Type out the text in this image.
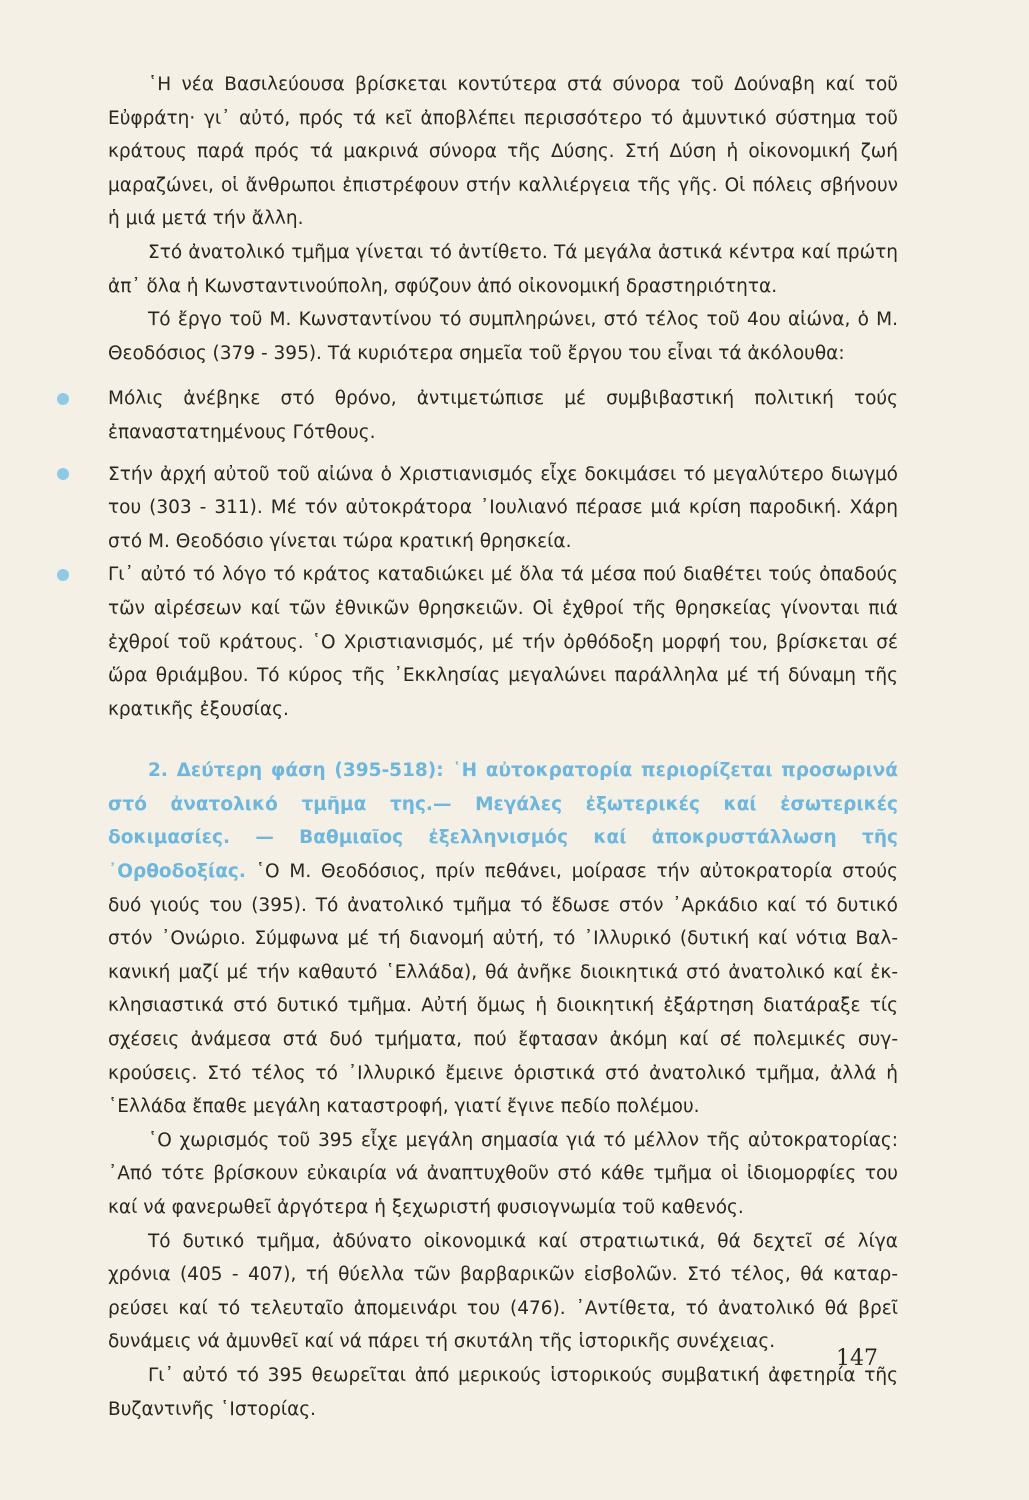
῾Η νέα Βασιλεύουσα βρίσκεται κοντύτερα στά σύνορα τοῦ Δούναβη καί τοῦ Εὐφράτη· γι᾿ αὐτό, πρός τά κεῖ ἀποβλέπει περισσότερο τό ἀμυντικό σύστημα τοῦ κράτους παρά πρός τά μακρινά σύνορα τῆς Δύσης. Στή Δύση ἡ οἰκονομική ζωή μαραζώνει, οἱ ἄνθρωποι ἐπιστρέφουν στήν καλλιέργεια τῆς γῆς. Οἱ πόλεις σβήνουν ἡ μιά μετά τήν ἄλλη.

Στό ἀνατολικό τμῆμα γίνεται τό ἀντίθετο. Τά μεγάλα ἀστικά κέντρα καί πρώτη ἀπ᾿ ὅλα ἡ Κωνσταντινούπολη, σφύζουν ἀπό οἰκονομική δραστηριότητα.

Τό ἔργο τοῦ Μ. Κωνσταντίνου τό συμπληρώνει, στό τέλος τοῦ 4ου αἰώνα, ὁ Μ. Θεοδόσιος (379 - 395). Τά κυριότερα σημεῖα τοῦ ἔργου του εἶναι τά ἀκόλουθα:

Μόλις ἀνέβηκε στό θρόνο, ἀντιμετώπισε μέ συμβιβαστική πολιτική τούς ἐπαναστατημένους Γότθους.

Στήν ἀρχή αὐτοῦ τοῦ αἰώνα ὁ Χριστιανισμός εἶχε δοκιμάσει τό μεγαλύτερο διωγμό του (303 - 311). Μέ τόν αὐτοκράτορα ᾿Ιουλιανό πέρασε μιά κρίση παροδική. Χάρη στό Μ. Θεοδόσιο γίνεται τώρα κρατική θρησκεία.

Γι᾿ αὐτό τό λόγο τό κράτος καταδιώκει μέ ὅλα τά μέσα πού διαθέτει τούς ὀπαδούς τῶν αἱρέσεων καί τῶν ἐθνικῶν θρησκειῶν. Οἱ ἐχθροί τῆς θρησκείας γίνονται πιά ἐχθροί τοῦ κράτους. ῾Ο Χριστιανισμός, μέ τήν ὀρθόδοξη μορφή του, βρίσκεται σέ ὥρα θριάμβου. Τό κύρος τῆς ᾿Εκκλησίας μεγαλώνει παράλληλα μέ τή δύναμη τῆς κρατικῆς ἐξουσίας.

2. Δεύτερη φάση (395-518): ῾Η αὐτοκρατορία περιορίζεται προσωρινά στό ἀνατολικό τμῆμα της.— Μεγάλες ἐξωτερικές καί ἐσωτερικές δοκιμασίες. — Βαθμιαῖος ἐξελληνισμός καί ἀποκρυστάλλωση τῆς ᾿Ορθοδοξίας. ῾Ο Μ. Θεοδόσιος, πρίν πεθάνει, μοίρασε τήν αὐτοκρατορία στούς δυό γιούς του (395). Τό ἀνατολικό τμῆμα τό ἔδωσε στόν ᾿Αρκάδιο καί τό δυτικό στόν ᾿Ονώριο. Σύμφωνα μέ τή διανομή αὐτή, τό ᾿Ιλλυρικό (δυτική καί νότια Βαλκανική μαζί μέ τήν καθαυτό ῾Ελλάδα), θά ἀνῆκε διοικητικά στό ἀνατολικό καί ἐκκλησιαστικά στό δυτικό τμῆμα. Αὐτή ὅμως ἡ διοικητική ἐξάρτηση διατάραξε τίς σχέσεις ἀνάμεσα στά δυό τμήματα, πού ἔφτασαν ἀκόμη καί σέ πολεμικές συγκρούσεις. Στό τέλος τό ᾿Ιλλυρικό ἔμεινε ὁριστικά στό ἀνατολικό τμῆμα, ἀλλά ἡ ῾Ελλάδα ἔπαθε μεγάλη καταστροφή, γιατί ἔγινε πεδίο πολέμου.

῾Ο χωρισμός τοῦ 395 εἶχε μεγάλη σημασία γιά τό μέλλον τῆς αὐτοκρατορίας: ᾿Από τότε βρίσκουν εὐκαιρία νά ἀναπτυχθοῦν στό κάθε τμῆμα οἱ ἰδιομορφίες του καί νά φανερωθεῖ ἀργότερα ἡ ξεχωριστή φυσιογνωμία τοῦ καθενός.

Τό δυτικό τμῆμα, ἀδύνατο οἰκονομικά καί στρατιωτικά, θά δεχτεῖ σέ λίγα χρόνια (405 - 407), τή θύελλα τῶν βαρβαρικῶν εἰσβολῶν. Στό τέλος, θά καταρρεύσει καί τό τελευταῖο ἀπομεινάρι του (476). ᾿Αντίθετα, τό ἀνατολικό θά βρεῖ δυνάμεις νά ἀμυνθεῖ καί νά πάρει τή σκυτάλη τῆς ἱστορικῆς συνέχειας.

Γι᾿ αὐτό τό 395 θεωρεῖται ἀπό μερικούς ἱστορικούς συμβατική ἀφετηρία τῆς Βυζαντινῆς ῾Ιστορίας.

147
